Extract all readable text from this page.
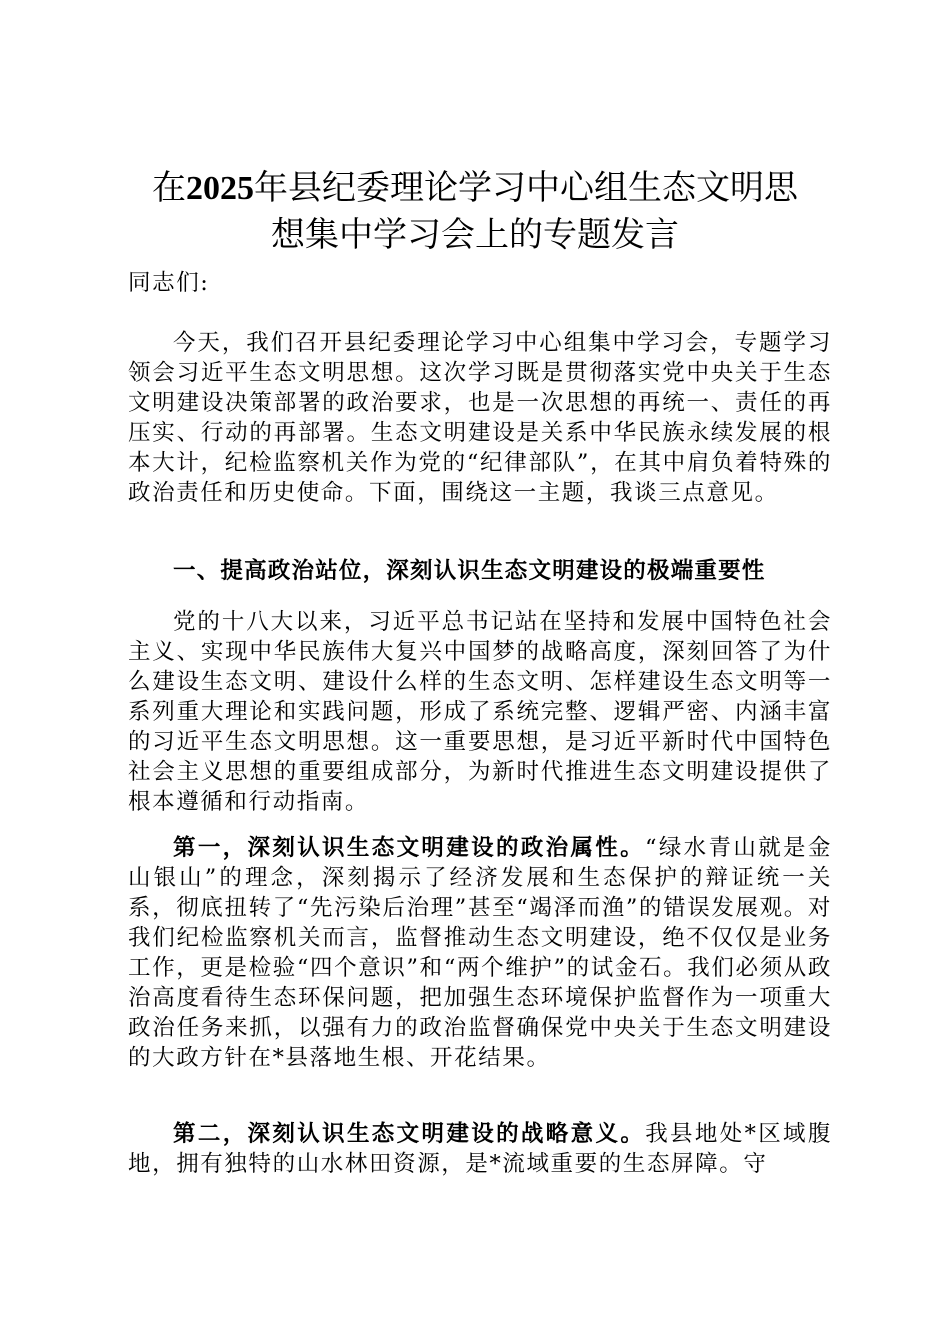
在2025年县纪委理论学习中心组生态文明思
想集中学习会上的专题发言

同志们:

今天，我们召开县纪委理论学习中心组集中学习会，专题学习领会习近平生态文明思想。这次学习既是贯彻落实党中央关于生态文明建设决策部署的政治要求，也是一次思想的再统一、责任的再压实、行动的再部署。生态文明建设是关系中华民族永续发展的根本大计，纪检监察机关作为党的“纪律部队”，在其中肩负着特殊的政治责任和历史使命。下面，围绕这一主题，我谈三点意见。

一、提高政治站位，深刻认识生态文明建设的极端重要性

党的十八大以来，习近平总书记站在坚持和发展中国特色社会主义、实现中华民族伟大复兴中国梦的战略高度，深刻回答了为什么建设生态文明、建设什么样的生态文明、怎样建设生态文明等一系列重大理论和实践问题，形成了系统完整、逻辑严密、内涵丰富的习近平生态文明思想。这一重要思想，是习近平新时代中国特色社会主义思想的重要组成部分，为新时代推进生态文明建设提供了根本遵循和行动指南。

第一，深刻认识生态文明建设的政治属性。“绿水青山就是金山银山”的理念，深刻揭示了经济发展和生态保护的辩证统一关系，彻底扭转了“先污染后治理”甚至“竭泽而渔”的错误发展观。对我们纪检监察机关而言，监督推动生态文明建设，绝不仅仅是业务工作，更是检验“四个意识”和“两个维护”的试金石。我们必须从政治高度看待生态环保问题，把加强生态环境保护监督作为一项重大政治任务来抓，以强有力的政治监督确保党中央关于生态文明建设的大政方针在*县落地生根、开花结果。

第二，深刻认识生态文明建设的战略意义。我县地处*区域腹地，拥有独特的山水林田资源，是*流域重要的生态屏障。守
